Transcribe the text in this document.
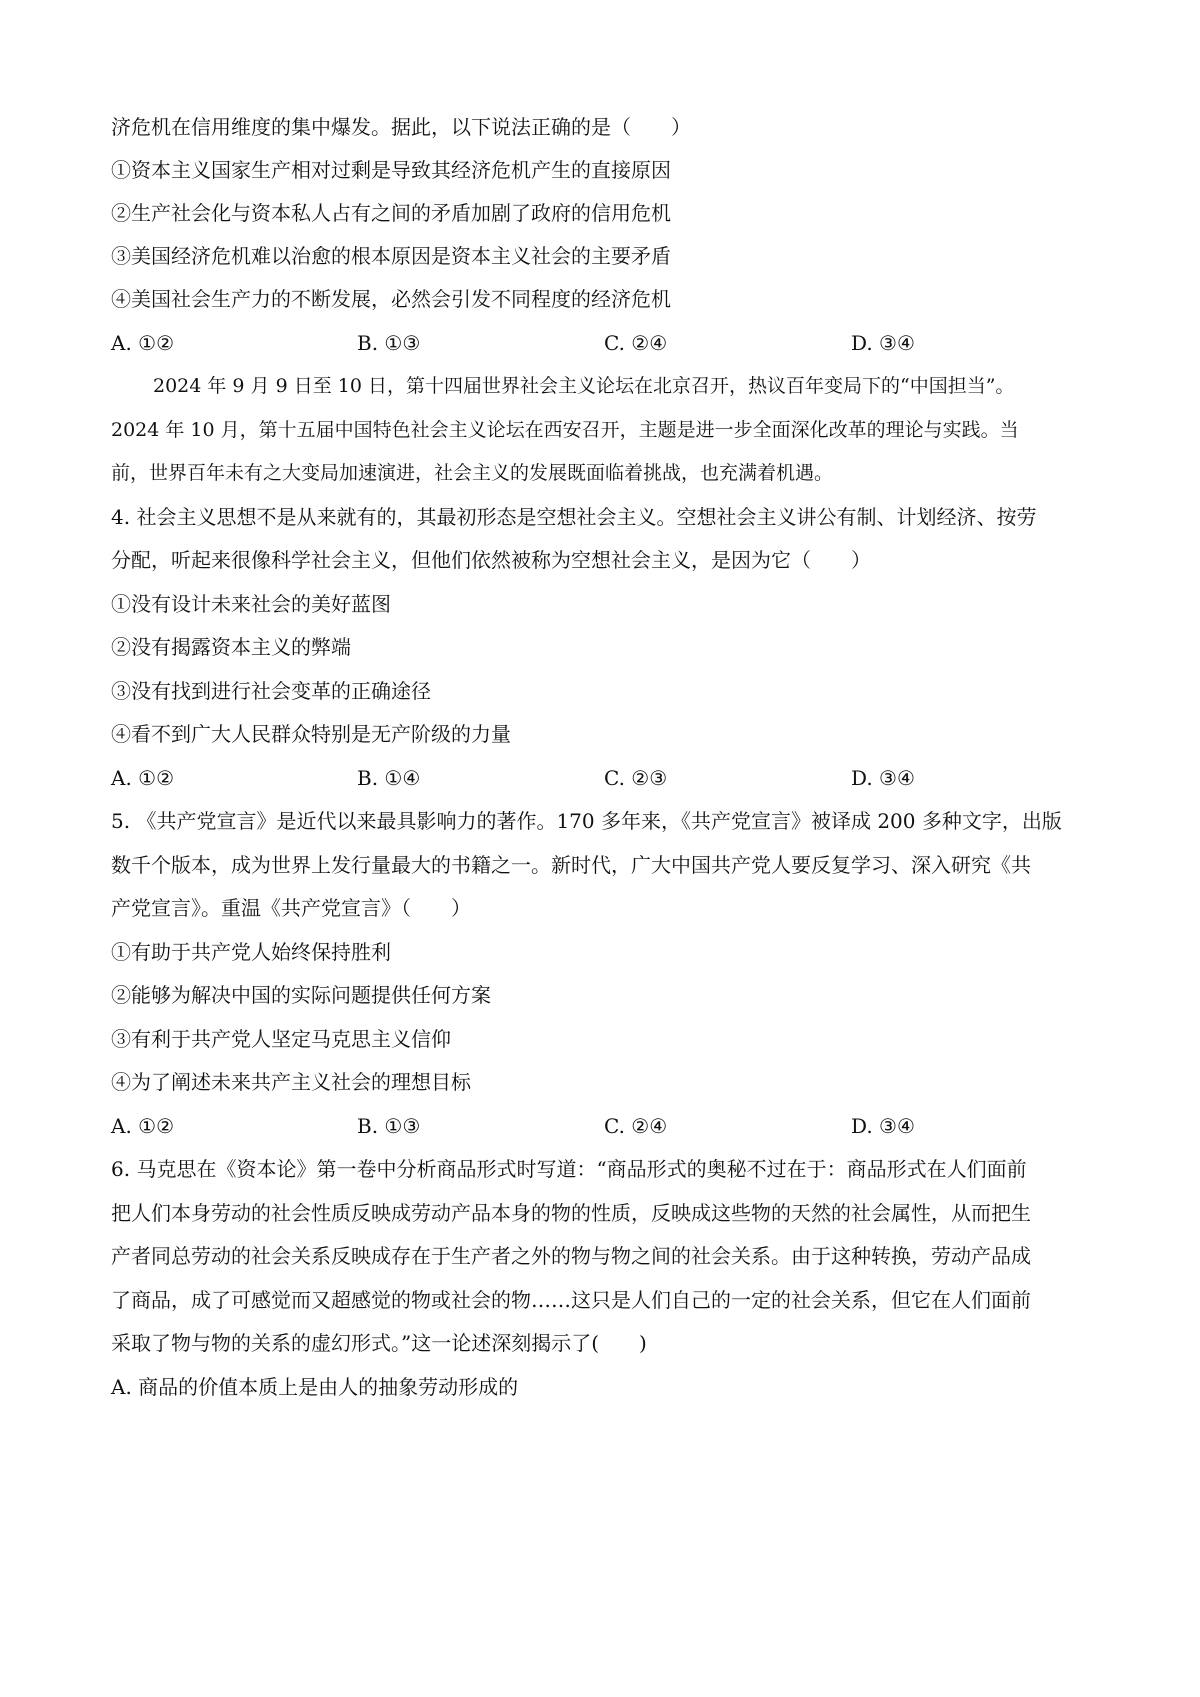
济危机在信用维度的集中爆发。据此，以下说法正确的是（　　）
①资本主义国家生产相对过剩是导致其经济危机产生的直接原因
②生产社会化与资本私人占有之间的矛盾加剧了政府的信用危机
③美国经济危机难以治愈的根本原因是资本主义社会的主要矛盾
④美国社会生产力的不断发展，必然会引发不同程度的经济危机
A. ①②	B. ①③	C. ②④	D. ③④
2024 年 9 月 9 日至 10 日，第十四届世界社会主义论坛在北京召开，热议百年变局下的“中国担当”。
2024 年 10 月，第十五届中国特色社会主义论坛在西安召开，主题是进一步全面深化改革的理论与实践。当
前，世界百年未有之大变局加速演进，社会主义的发展既面临着挑战，也充满着机遇。
4. 社会主义思想不是从来就有的，其最初形态是空想社会主义。空想社会主义讲公有制、计划经济、按劳
分配，听起来很像科学社会主义，但他们依然被称为空想社会主义，是因为它（　　）
①没有设计未来社会的美好蓝图
②没有揭露资本主义的弊端
③没有找到进行社会变革的正确途径
④看不到广大人民群众特别是无产阶级的力量
A. ①②	B. ①④	C. ②③	D. ③④
5. 《共产党宣言》是近代以来最具影响力的著作。170 多年来，《共产党宣言》被译成 200 多种文字，出版
数千个版本，成为世界上发行量最大的书籍之一。新时代，广大中国共产党人要反复学习、深入研究《共
产党宣言》。重温《共产党宣言》（　　）
①有助于共产党人始终保持胜利
②能够为解决中国的实际问题提供任何方案
③有利于共产党人坚定马克思主义信仰
④为了阐述未来共产主义社会的理想目标
A. ①②	B. ①③	C. ②④	D. ③④
6. 马克思在《资本论》第一卷中分析商品形式时写道：“商品形式的奥秘不过在于：商品形式在人们面前
把人们本身劳动的社会性质反映成劳动产品本身的物的性质，反映成这些物的天然的社会属性，从而把生
产者同总劳动的社会关系反映成存在于生产者之外的物与物之间的社会关系。由于这种转换，劳动产品成
了商品，成了可感觉而又超感觉的物或社会的物……这只是人们自己的一定的社会关系，但它在人们面前
采取了物与物的关系的虚幻形式。”这一论述深刻揭示了(　　)
A. 商品的价值本质上是由人的抽象劳动形成的
